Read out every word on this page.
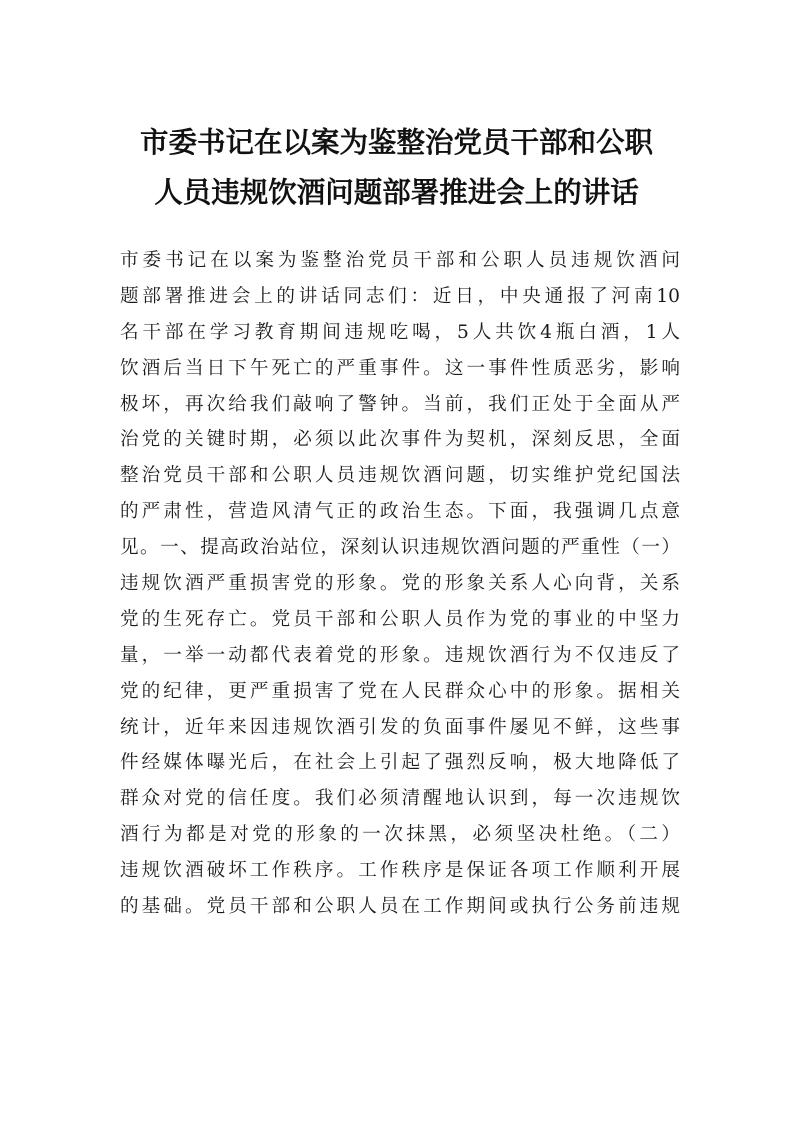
市委书记在以案为鉴整治党员干部和公职
人员违规饮酒问题部署推进会上的讲话
市委书记在以案为鉴整治党员干部和公职人员违规饮酒问
题部署推进会上的讲话同志们：近日，中央通报了河南10
名干部在学习教育期间违规吃喝，5人共饮4瓶白酒，1人
饮酒后当日下午死亡的严重事件。这一事件性质恶劣，影响
极坏，再次给我们敲响了警钟。当前，我们正处于全面从严
治党的关键时期，必须以此次事件为契机，深刻反思，全面
整治党员干部和公职人员违规饮酒问题，切实维护党纪国法
的严肃性，营造风清气正的政治生态。下面，我强调几点意
见。一、提高政治站位，深刻认识违规饮酒问题的严重性（一）
违规饮酒严重损害党的形象。党的形象关系人心向背，关系
党的生死存亡。党员干部和公职人员作为党的事业的中坚力
量，一举一动都代表着党的形象。违规饮酒行为不仅违反了
党的纪律，更严重损害了党在人民群众心中的形象。据相关
统计，近年来因违规饮酒引发的负面事件屡见不鲜，这些事
件经媒体曝光后，在社会上引起了强烈反响，极大地降低了
群众对党的信任度。我们必须清醒地认识到，每一次违规饮
酒行为都是对党的形象的一次抹黑，必须坚决杜绝。（二）
违规饮酒破坏工作秩序。工作秩序是保证各项工作顺利开展
的基础。党员干部和公职人员在工作期间或执行公务前违规
